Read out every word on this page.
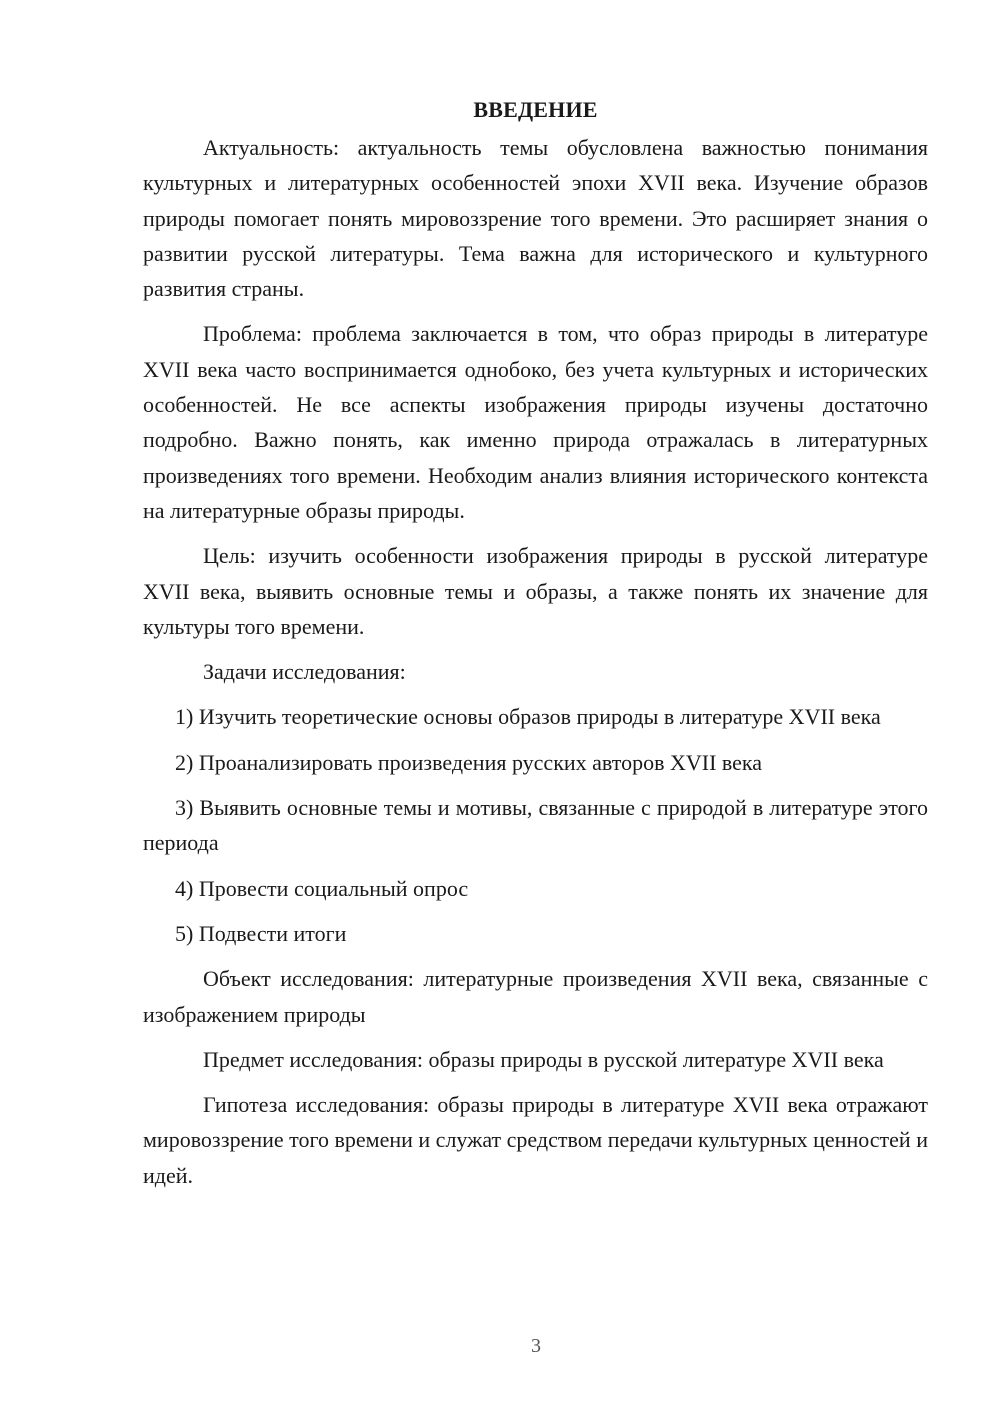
ВВЕДЕНИЕ

Актуальность: актуальность темы обусловлена важностью понимания культурных и литературных особенностей эпохи XVII века. Изучение образов природы помогает понять мировоззрение того времени. Это расширяет знания о развитии русской литературы. Тема важна для исторического и культурного развития страны.

Проблема: проблема заключается в том, что образ природы в литературе XVII века часто воспринимается однобоко, без учета культурных и исторических особенностей. Не все аспекты изображения природы изучены достаточно подробно. Важно понять, как именно природа отражалась в литературных произведениях того времени. Необходим анализ влияния исторического контекста на литературные образы природы.

Цель: изучить особенности изображения природы в русской литературе XVII века, выявить основные темы и образы, а также понять их значение для культуры того времени.

Задачи исследования:

1) Изучить теоретические основы образов природы в литературе XVII века

2) Проанализировать произведения русских авторов XVII века

3) Выявить основные темы и мотивы, связанные с природой в литературе этого периода

4) Провести социальный опрос

5) Подвести итоги

Объект исследования: литературные произведения XVII века, связанные с изображением природы

Предмет исследования: образы природы в русской литературе XVII века

Гипотеза исследования: образы природы в литературе XVII века отражают мировоззрение того времени и служат средством передачи культурных ценностей и идей.

3
